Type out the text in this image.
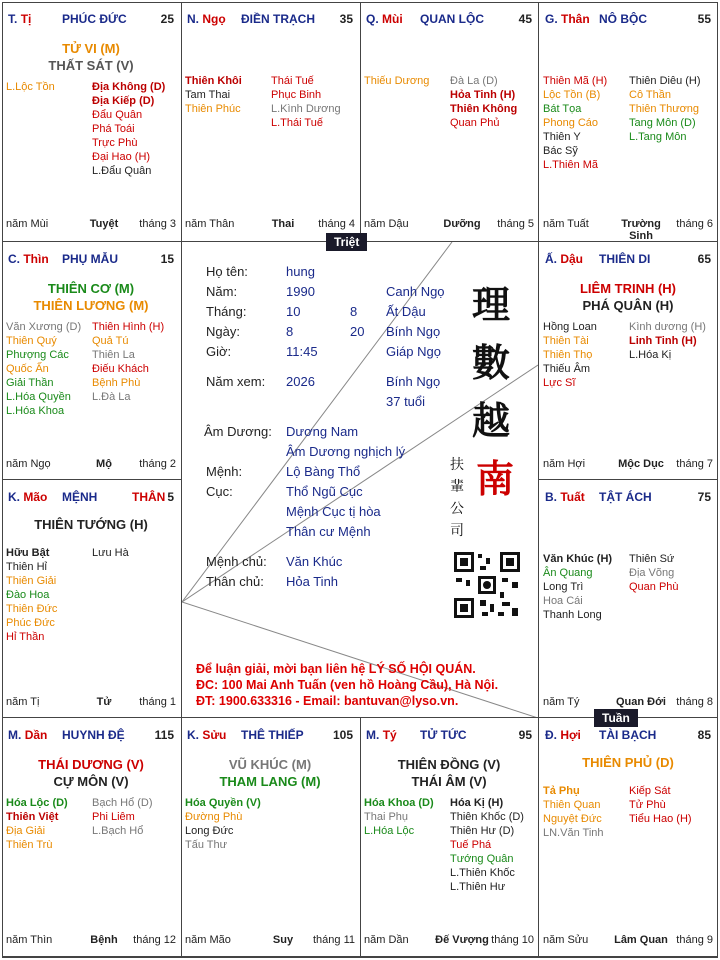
T. Tị	PHÚC ĐỨC	25
TỬ VI (M)
THẤT SÁT (V)
L.Lộc Tồn	Địa Không (D)
Địa Kiếp (D)
Đẩu Quân
Phá Toái
Trực Phù
Đại Hao (H)
L.Đẩu Quân
năm Mùi	Tuyệt	tháng 3
N. Ngọ ĐIỀN TRẠCH 35
Thiên Khôi
Tam Thai
Thiên Phúc
Thái Tuế
Phục Binh
L.Kình Dương
L.Thái Tuế
năm Thân	Thai	tháng 4
Q. Mùi QUAN LỘC	45
Thiếu Dương	Đà La (D)
Hỏa Tinh (H)
Thiên Không
Quan Phủ
năm Dậu	Dưỡng	tháng 5
G. Thân NÔ BỘC	55
Thiên Mã (H)
Lộc Tồn (B)
Bát Tọa
Phong Cáo
Thiên Y
Bác Sỹ
L.Thiên Mã
Thiên Diêu (H)
Cô Thần
Thiên Thương
Tang Môn (D)
L.Tang Môn
năm Tuất	Trường Sinh
tháng 6
C. Thìn PHỤ MẪU	15
THIÊN CƠ (M)
THIÊN LƯƠNG (M)
Văn Xương (D)
Thiên Quý
Phượng Các
Quốc Ấn
Giải Thần
L.Hóa Quyền
L.Hóa Khoa
Thiên Hình (H)
Quả Tú
Thiên La
Điếu Khách
Bệnh Phù
L.Đà La
năm Ngọ	Mộ	tháng 2
Ấ. Dậu THIÊN DI	65
LIÊM TRINH (H)
PHÁ QUÂN (H)
Hồng Loan
Thiên Tài
Thiên Thọ
Thiếu Âm
Lực Sĩ
Kình dương (H)
Linh Tinh (H)
L.Hóa Kị
năm Hợi	Mộc Dục	tháng 7
K. Mão MỆNH	THÂN 5
THIÊN TƯỚNG (H)
Hữu Bật
Thiên Hỉ
Thiên Giải
Đào Hoa
Thiên Đức
Phúc Đức
Hỉ Thần
Lưu Hà
năm Tị	Tử	tháng 1
B. Tuất TẬT ÁCH	75
Văn Khúc (H)
Ân Quang
Long Trì
Hoa Cái
Thanh Long
Thiên Sứ
Địa Võng
Quan Phù
năm Tý	Quan Đới tháng 8
M. Dần HUYNH ĐỆ 115
THÁI DƯƠNG (V)
CỰ MÔN (V)
Hóa Lộc (D)
Thiên Việt
Địa Giải
Thiên Trù
Bạch Hổ (D)
Phi Liêm
L.Bạch Hổ
năm Thìn	Bệnh	tháng 12
K. Sửu THÊ THIẾP 105
VŨ KHÚC (M)
THAM LANG (M)
Hóa Quyền (V)
Đường Phù
Long Đức
Tấu Thư
năm Mão	Suy	tháng 11
M. Tý TỬ TỨC	95
THIÊN ĐỒNG (V)
THÁI ÂM (V)
Hóa Khoa (D)
Thai Phụ
L.Hóa Lộc
Hóa Kị (H)
Thiên Khốc (D)
Thiên Hư (D)
Tuế Phá
Tướng Quân
L.Thiên Khốc
L.Thiên Hư
năm Dần Đế Vượng tháng 10
Đ. Hợi TÀI BẠCH	85
THIÊN PHỦ (D)
Tả Phụ
Thiên Quan
Nguyệt Đức
LN.Văn Tinh
Kiếp Sát
Tử Phù
Tiểu Hao (H)
năm Sửu Lâm Quan tháng 9
Họ tên:	hung
Năm:	1990	Canh Ngọ
Tháng:	10	8 Ất Dậu
Ngày:	8	20 Bính Ngọ
Giờ:	11:45	Giáp Ngọ
Năm xem: 2026	Bính Ngọ
37 tuổi
Âm Dương: Dương Nam
Âm Dương nghịch lý
Mệnh:	Lộ Bàng Thổ
Cục:	Thổ Ngũ Cục
Mệnh Cục tị hòa
Thân cư Mệnh
Mệnh chủ: Văn Khúc
Thân chủ: Hỏa Tinh
理
數
越
南
扶
輩
公
司
Để luận giải, mời bạn liên hệ LÝ SỐ HỘI QUÁN.
ĐC: 100 Mai Anh Tuấn (ven hồ Hoàng Cầu), Hà Nội.
ĐT: 1900.633316 - Email: bantuvan@lyso.vn.
Triệt
Tuần
